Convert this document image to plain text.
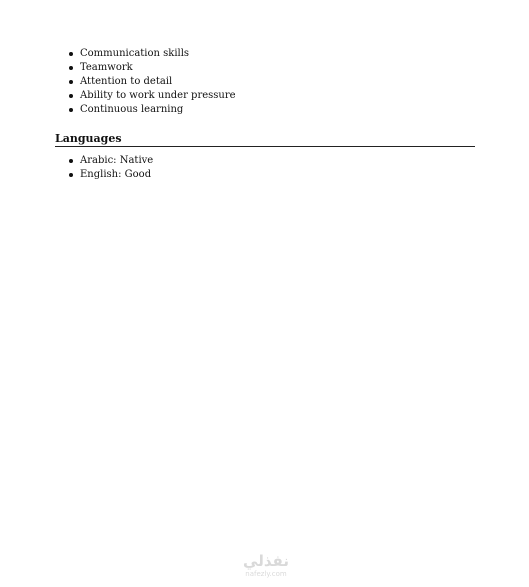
Communication skills
Teamwork
Attention to detail
Ability to work under pressure
Continuous learning
Languages
Arabic: Native
English: Good
نفذلي
nafezly.com
